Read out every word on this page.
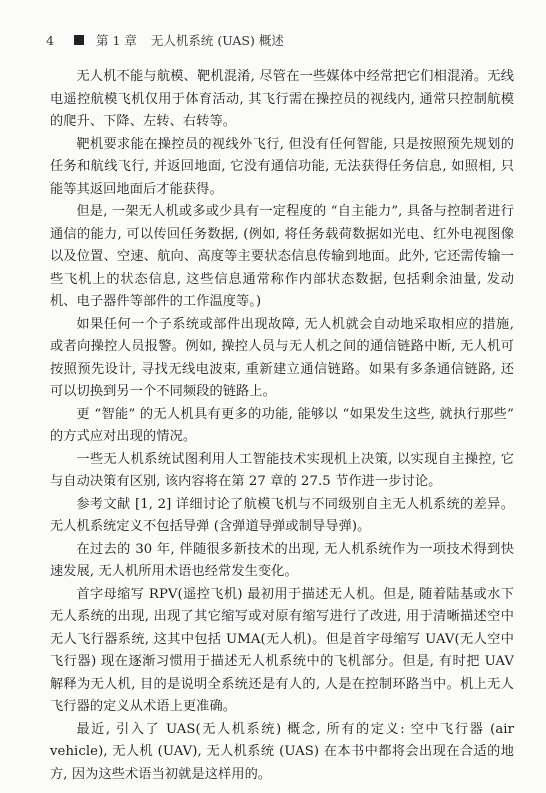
4	第 1 章 无人机系统 (UAS) 概述

无人机不能与航模、靶机混淆, 尽管在一些媒体中经常把它们相混淆。无线电遥控航模飞机仅用于体育活动, 其飞行需在操控员的视线内, 通常只控制航模的爬升、下降、左转、右转等。

靶机要求能在操控员的视线外飞行, 但没有任何智能, 只是按照预先规划的任务和航线飞行, 并返回地面, 它没有通信功能, 无法获得任务信息, 如照相, 只能等其返回地面后才能获得。

但是, 一架无人机或多或少具有一定程度的 “自主能力”, 具备与控制者进行通信的能力, 可以传回任务数据, (例如, 将任务载荷数据如光电、红外电视图像以及位置、空速、航向、高度等主要状态信息传输到地面。此外, 它还需传输一些飞机上的状态信息, 这些信息通常称作内部状态数据, 包括剩余油量, 发动机、电子器件等部件的工作温度等。)

如果任何一个子系统或部件出现故障, 无人机就会自动地采取相应的措施, 或者向操控人员报警。例如, 操控人员与无人机之间的通信链路中断, 无人机可按照预先设计, 寻找无线电波束, 重新建立通信链路。如果有多条通信链路, 还可以切换到另一个不同频段的链路上。

更 “智能” 的无人机具有更多的功能, 能够以 “如果发生这些, 就执行那些” 的方式应对出现的情况。

一些无人机系统试图利用人工智能技术实现机上决策, 以实现自主操控, 它与自动决策有区别, 该内容将在第 27 章的 27.5 节作进一步讨论。

参考文献 [1, 2] 详细讨论了航模飞机与不同级别自主无人机系统的差异。无人机系统定义不包括导弹 (含弹道导弹或制导导弹)。

在过去的 30 年, 伴随很多新技术的出现, 无人机系统作为一项技术得到快速发展, 无人机所用术语也经常发生变化。

首字母缩写 RPV(遥控飞机) 最初用于描述无人机。但是, 随着陆基或水下无人系统的出现, 出现了其它缩写或对原有缩写进行了改进, 用于清晰描述空中无人飞行器系统, 这其中包括 UMA(无人机)。但是首字母缩写 UAV(无人空中飞行器) 现在逐渐习惯用于描述无人机系统中的飞机部分。但是, 有时把 UAV 解释为无人机, 目的是说明全系统还是有人的, 人是在控制环路当中。机上无人飞行器的定义从术语上更准确。

最近, 引入了 UAS(无人机系统) 概念, 所有的定义: 空中飞行器 (air vehicle), 无人机 (UAV), 无人机系统 (UAS) 在本书中都将会出现在合适的地方, 因为这些术语当初就是这样用的。
